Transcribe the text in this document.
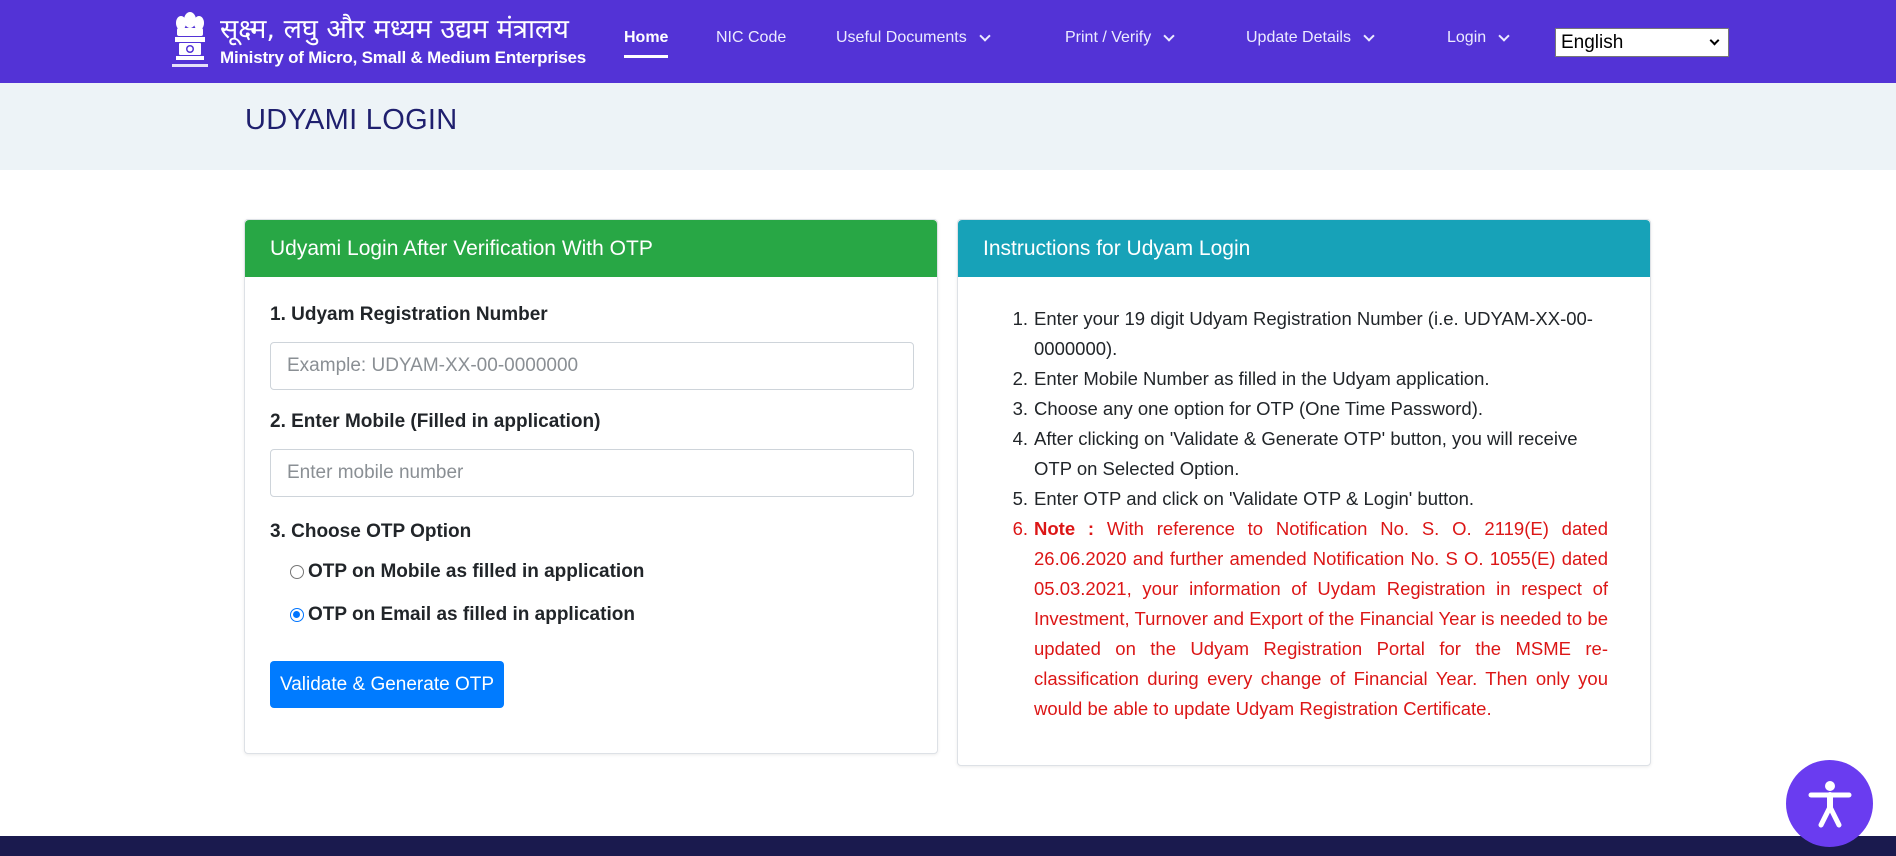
सूक्ष्म, लघु और मध्यम उद्यम मंत्रालय
Ministry of Micro, Small & Medium Enterprises
Home	NIC Code	Useful Documents	Print / Verify	Update Details	Login	English
UDYAMI LOGIN
Udyami Login After Verification With OTP
1. Udyam Registration Number
Example: UDYAM-XX-00-0000000
2. Enter Mobile (Filled in application)
Enter mobile number
3. Choose OTP Option
OTP on Mobile as filled in application
OTP on Email as filled in application
Validate & Generate OTP
Instructions for Udyam Login
1. Enter your 19 digit Udyam Registration Number (i.e. UDYAM-XX-00-0000000).
2. Enter Mobile Number as filled in the Udyam application.
3. Choose any one option for OTP (One Time Password).
4. After clicking on 'Validate & Generate OTP' button, you will receive OTP on Selected Option.
5. Enter OTP and click on 'Validate OTP & Login' button.
6. Note : With reference to Notification No. S. O. 2119(E) dated 26.06.2020 and further amended Notification No. S O. 1055(E) dated 05.03.2021, your information of Uydam Registration in respect of Investment, Turnover and Export of the Financial Year is needed to be updated on the Udyam Registration Portal for the MSME re-classification during every change of Financial Year. Then only you would be able to update Udyam Registration Certificate.
